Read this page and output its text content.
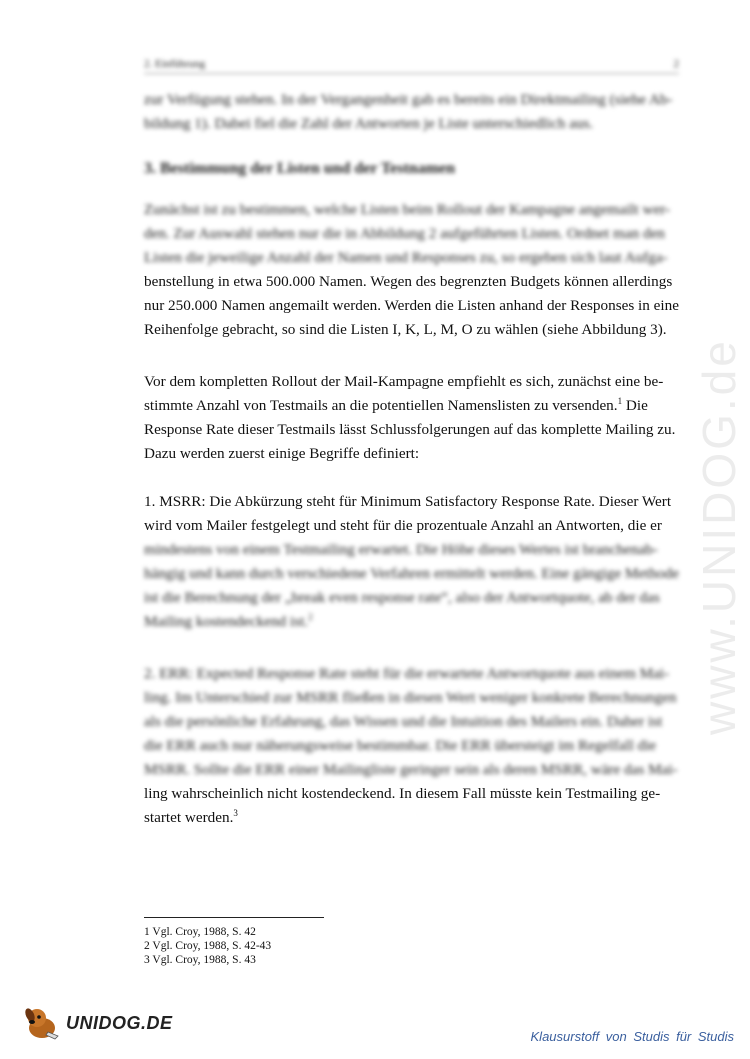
www.UNIDOG.de
2. Einführung	2

zur Verfügung stehen. In der Vergangenheit gab es bereits ein Direktmailing (siehe Ab-
bildung 1). Dabei fiel die Zahl der Antworten je Liste unterschiedlich aus.

3. Bestimmung der Listen und der Testnamen

Zunächst ist zu bestimmen, welche Listen beim Rollout der Kampagne angemailt wer-
den. Zur Auswahl stehen nur die in Abbildung 2 aufgeführten Listen. Ordnet man den
Listen die jeweilige Anzahl der Namen und Responses zu, so ergeben sich laut Aufga-
benstellung in etwa 500.000 Namen. Wegen des begrenzten Budgets können allerdings
nur 250.000 Namen angemailt werden. Werden die Listen anhand der Responses in eine
Reihenfolge gebracht, so sind die Listen I, K, L, M, O zu wählen (siehe Abbildung 3).

Vor dem kompletten Rollout der Mail-Kampagne empfiehlt es sich, zunächst eine be-
stimmte Anzahl von Testmails an die potentiellen Namenslisten zu versenden.$^1$ Die
Response Rate dieser Testmails lässt Schlussfolgerungen auf das komplette Mailing zu.
Dazu werden zuerst einige Begriffe definiert:

1. MSRR: Die Abkürzung steht für Minimum Satisfactory Response Rate. Dieser Wert
wird vom Mailer festgelegt und steht für die prozentuale Anzahl an Antworten, die er
mindestens von einem Testmailing erwartet. Die Höhe dieses Wertes ist branchenab-
hängig und kann durch verschiedene Verfahren ermittelt werden. Eine gängige Methode
ist die Berechnung der „break even response rate“, also der Antwortquote, ab der das
Mailing kostendeckend ist.$^2$

2. ERR: Expected Response Rate steht für die erwartete Antwortquote aus einem Mai-
ling. Im Unterschied zur MSRR fließen in diesen Wert weniger konkrete Berechnungen
als die persönliche Erfahrung, das Wissen und die Intuition des Mailers ein. Daher ist
die ERR auch nur näherungsweise bestimmbar. Die ERR übersteigt im Regelfall die
MSRR. Sollte die ERR einer Mailingliste geringer sein als deren MSRR, wäre das Mai-
ling wahrscheinlich nicht kostendeckend. In diesem Fall müsste kein Testmailing ge-
startet werden.$^3$

1 Vgl. Croy, 1988, S. 42
2 Vgl. Croy, 1988, S. 42-43
3 Vgl. Croy, 1988, S. 43
UNIDOG.DE
Klausurstoff von Studis für Studis
